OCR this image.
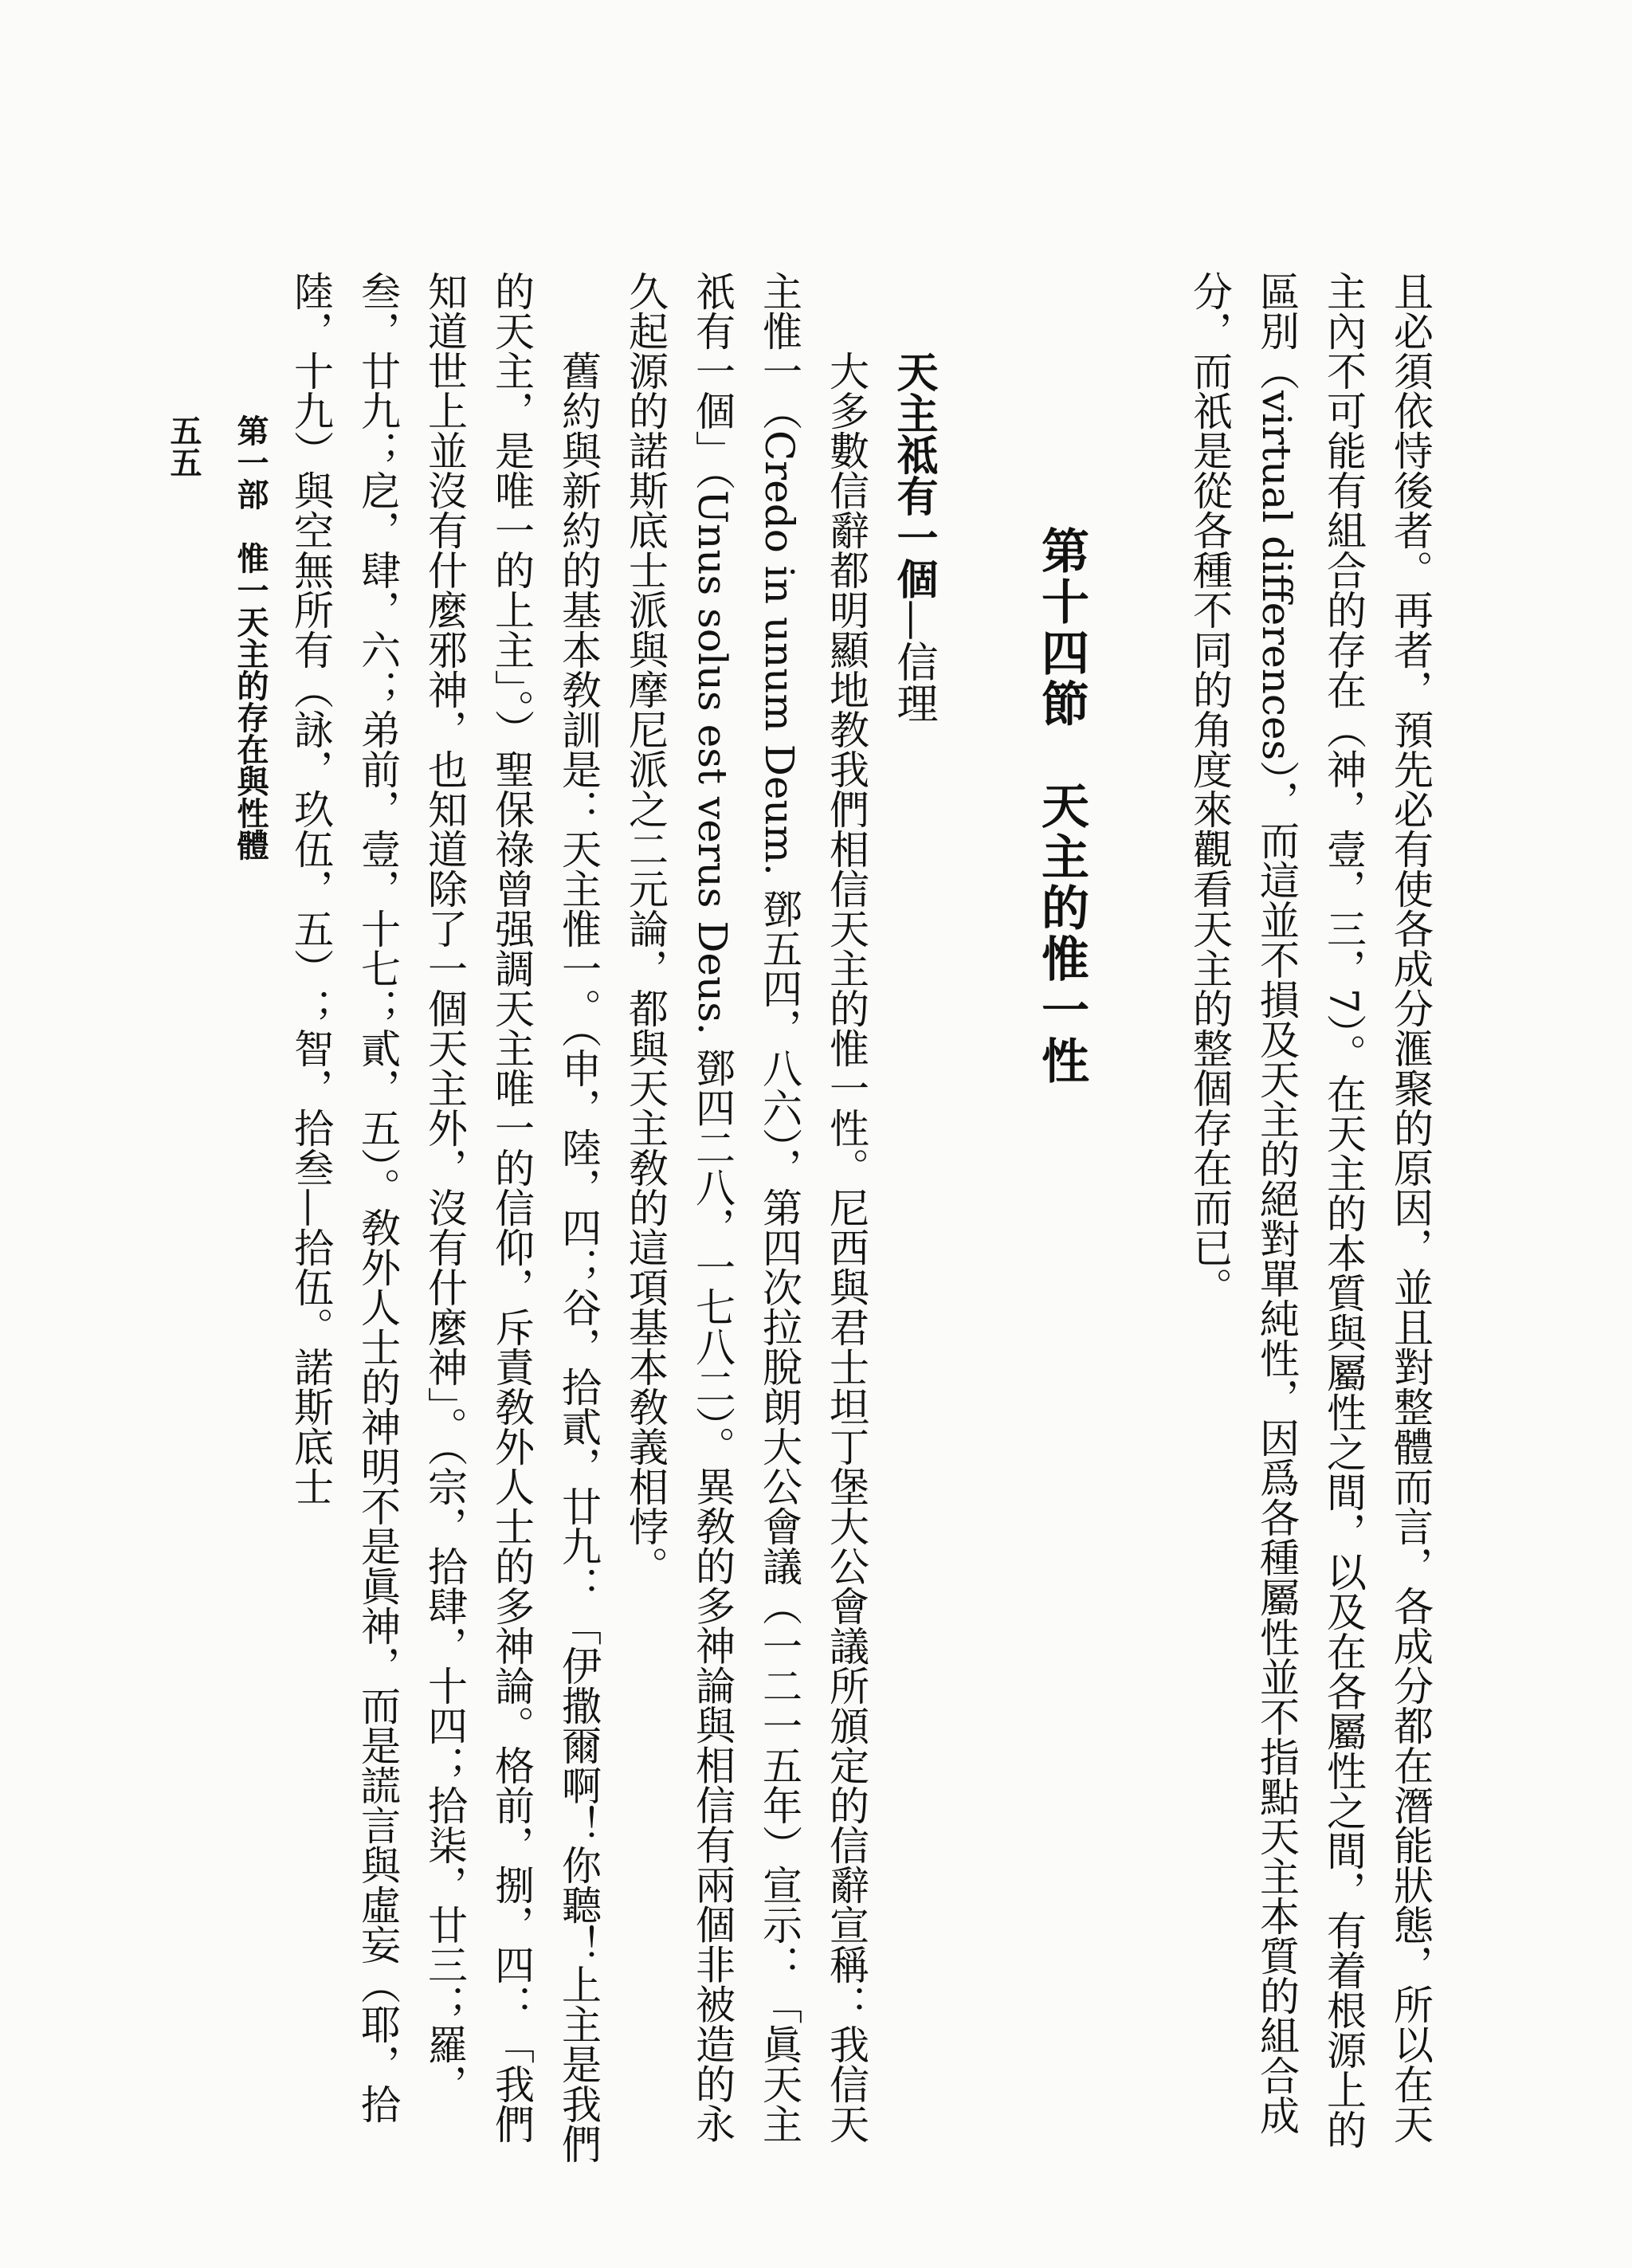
且必須依恃後者。再者，預先必有使各成分滙聚的原因，並且對整體而言，各成分都在潛能狀態，所以在天主內不可能有組合的存在（神，壹，三，7）。在天主的本質與屬性之間，以及在各屬性之間，有着根源上的區別（virtual differences），而這並不損及天主的絕對單純性，因爲各種屬性並不指點天主本質的組合成分，而祇是從各種不同的角度來觀看天主的整個存在而已。

第十四節　天主的惟一性

天主祗有一個—信理

大多數信辭都明顯地教我們相信天主的惟一性。尼西與君士坦丁堡大公會議所頒定的信辭宣稱：我信天主惟一（Credo in unum Deum. 鄧五四，八六），第四次拉脫朗大公會議（一二一五年）宣示：「眞天主祇有一個」（Unus solus est verus Deus. 鄧四二八，一七八二）。異敎的多神論與相信有兩個非被造的永久起源的諾斯底士派與摩尼派之二元論，都與天主敎的這項基本敎義相悖。

舊約與新約的基本敎訓是：天主惟一。（申，陸，四；谷，拾貳，廿九：「伊撒爾啊！你聽！上主是我們的天主，是唯一的上主」。）聖保祿曾强調天主唯一的信仰，斥責敎外人士的多神論。格前，捌，四：「我們知道世上並沒有什麼邪神，也知道除了一個天主外，沒有什麼神」。（宗，拾肆，十四；拾柒，廿三；羅，叁，廿九；戹，肆，六；弟前，壹，十七；貳，五）。敎外人士的神明不是眞神，而是謊言與虛妄（耶，拾陸，十九）與空無所有（詠，玖伍，五）；智，拾叁—拾伍。諾斯底士

第一部　惟一天主的存在與性體
五五
